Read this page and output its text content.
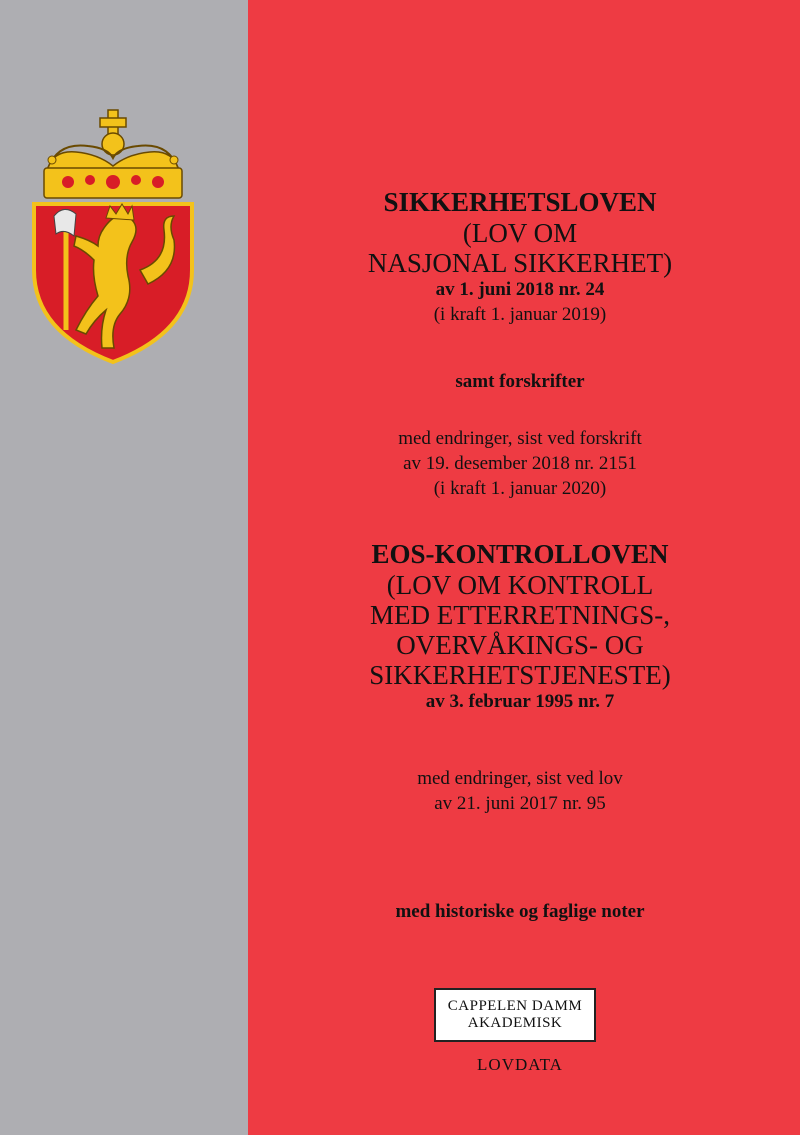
SIKKERHETSLOVEN
(LOV OM
NASJONAL SIKKERHET)
av 1. juni 2018 nr. 24
(i kraft 1. januar 2019)
samt forskrifter
med endringer, sist ved forskrift
av 19. desember 2018 nr. 2151
(i kraft 1. januar 2020)
EOS-KONTROLLOVEN
(LOV OM KONTROLL
MED ETTERRETNINGS-,
OVERVÅKINGS- OG
SIKKERHETSTJENESTE)
av 3. februar 1995 nr. 7
med endringer, sist ved lov
av 21. juni 2017 nr. 95
med historiske og faglige noter
CAPPELEN DAMM
AKADEMISK
LOVDATA
